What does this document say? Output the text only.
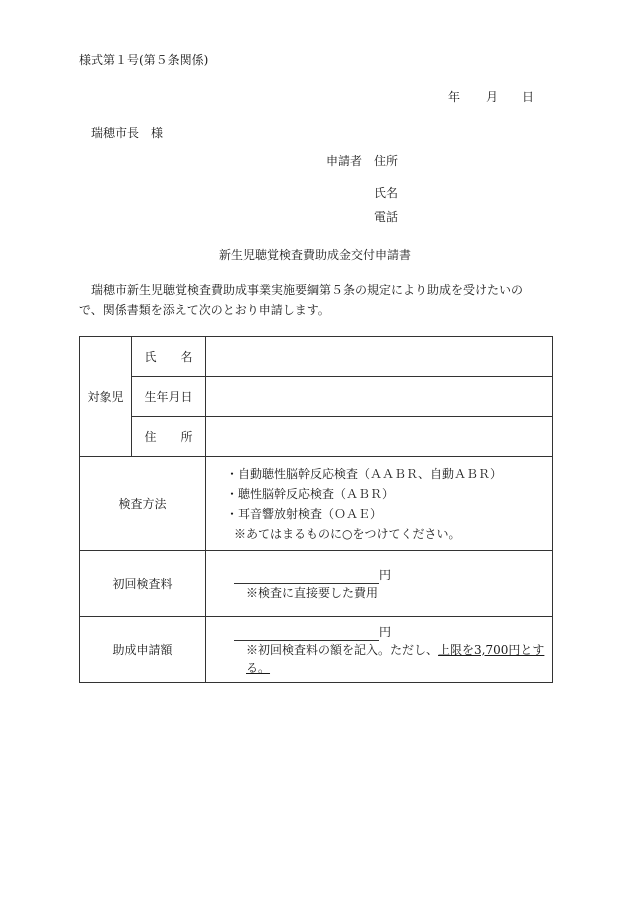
様式第１号(第５条関係)
年 月 日
瑞穂市長　様
申請者 住所
氏名
電話
新生児聴覚検査費助成金交付申請書
瑞穂市新生児聴覚検査費助成事業実施要綱第５条の規定により助成を受けたいの
で、関係書類を添えて次のとおり申請します。
対象児	氏　　名	
	生年月日	
	住　　所	
検査方法		・自動聴性脳幹反応検査（ＡＡＢＲ、自動ＡＢＲ）
・聴性脳幹反応検査（ＡＢＲ）
・耳音響放射検査（ＯＡＥ）
※あてはまるものに○をつけてください。

初回検査料		円
※検査に直接要した費用

助成申請額		円
※初回検査料の額を記入。ただし、上限を3,700円とする。
